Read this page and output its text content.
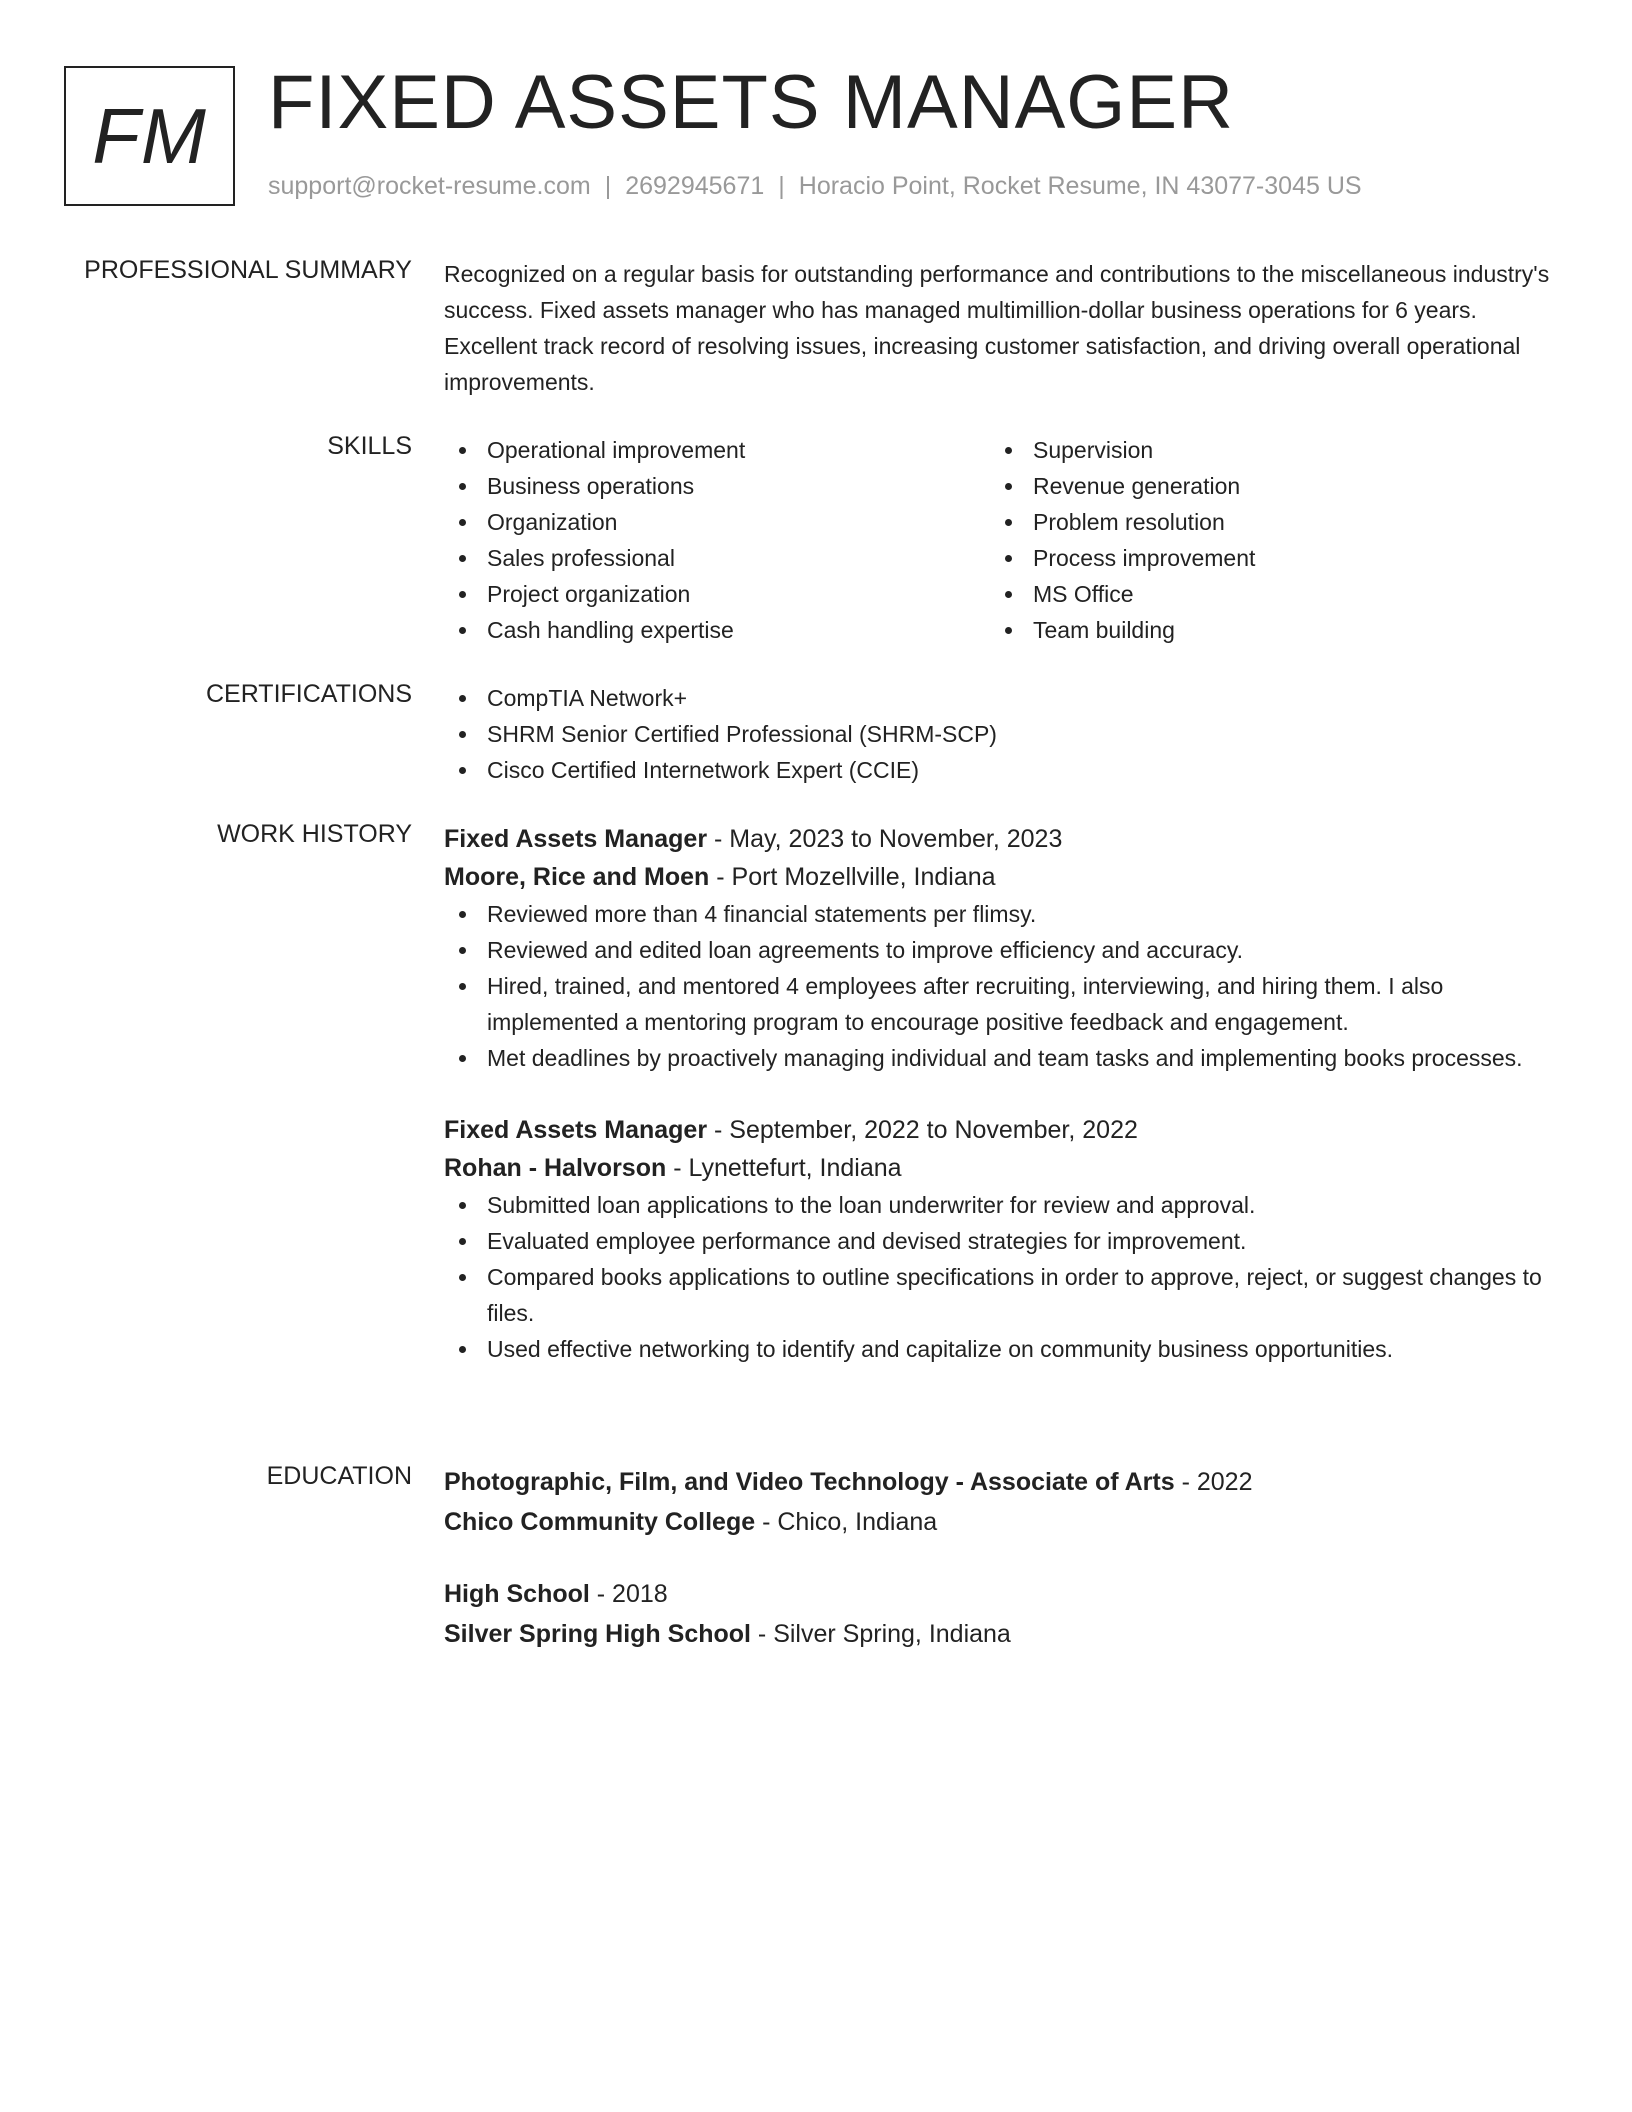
FM FIXED ASSETS MANAGER
support@rocket-resume.com | 2692945671 | Horacio Point, Rocket Resume, IN 43077-3045 US
PROFESSIONAL SUMMARY Recognized on a regular basis for outstanding performance and contributions to the miscellaneous industry's success. Fixed assets manager who has managed multimillion-dollar business operations for 6 years. Excellent track record of resolving issues, increasing customer satisfaction, and driving overall operational improvements.

SKILLS	Operational improvement
Business operations
Organization
Sales professional
Project organization
Cash handling expertise
Supervision
Revenue generation
Problem resolution
Process improvement
MS Office
Team building
CERTIFICATIONS	CompTIA Network+
SHRM Senior Certified Professional (SHRM-SCP)
Cisco Certified Internetwork Expert (CCIE)
WORK HISTORY Fixed Assets Manager - May, 2023 to November, 2023
Moore, Rice and Moen - Port Mozellville, Indiana
Reviewed more than 4 financial statements per flimsy.
Reviewed and edited loan agreements to improve efficiency and accuracy.
Hired, trained, and mentored 4 employees after recruiting, interviewing, and hiring them. I also implemented a mentoring program to encourage positive feedback and engagement.
Met deadlines by proactively managing individual and team tasks and implementing books processes.
Fixed Assets Manager - September, 2022 to November, 2022
Rohan - Halvorson - Lynettefurt, Indiana
Submitted loan applications to the loan underwriter for review and approval.
Evaluated employee performance and devised strategies for improvement.
Compared books applications to outline specifications in order to approve, reject, or suggest changes to files.
Used effective networking to identify and capitalize on community business opportunities.
EDUCATION Photographic, Film, and Video Technology - Associate of Arts - 2022
Chico Community College - Chico, Indiana
High School - 2018
Silver Spring High School - Silver Spring, Indiana
